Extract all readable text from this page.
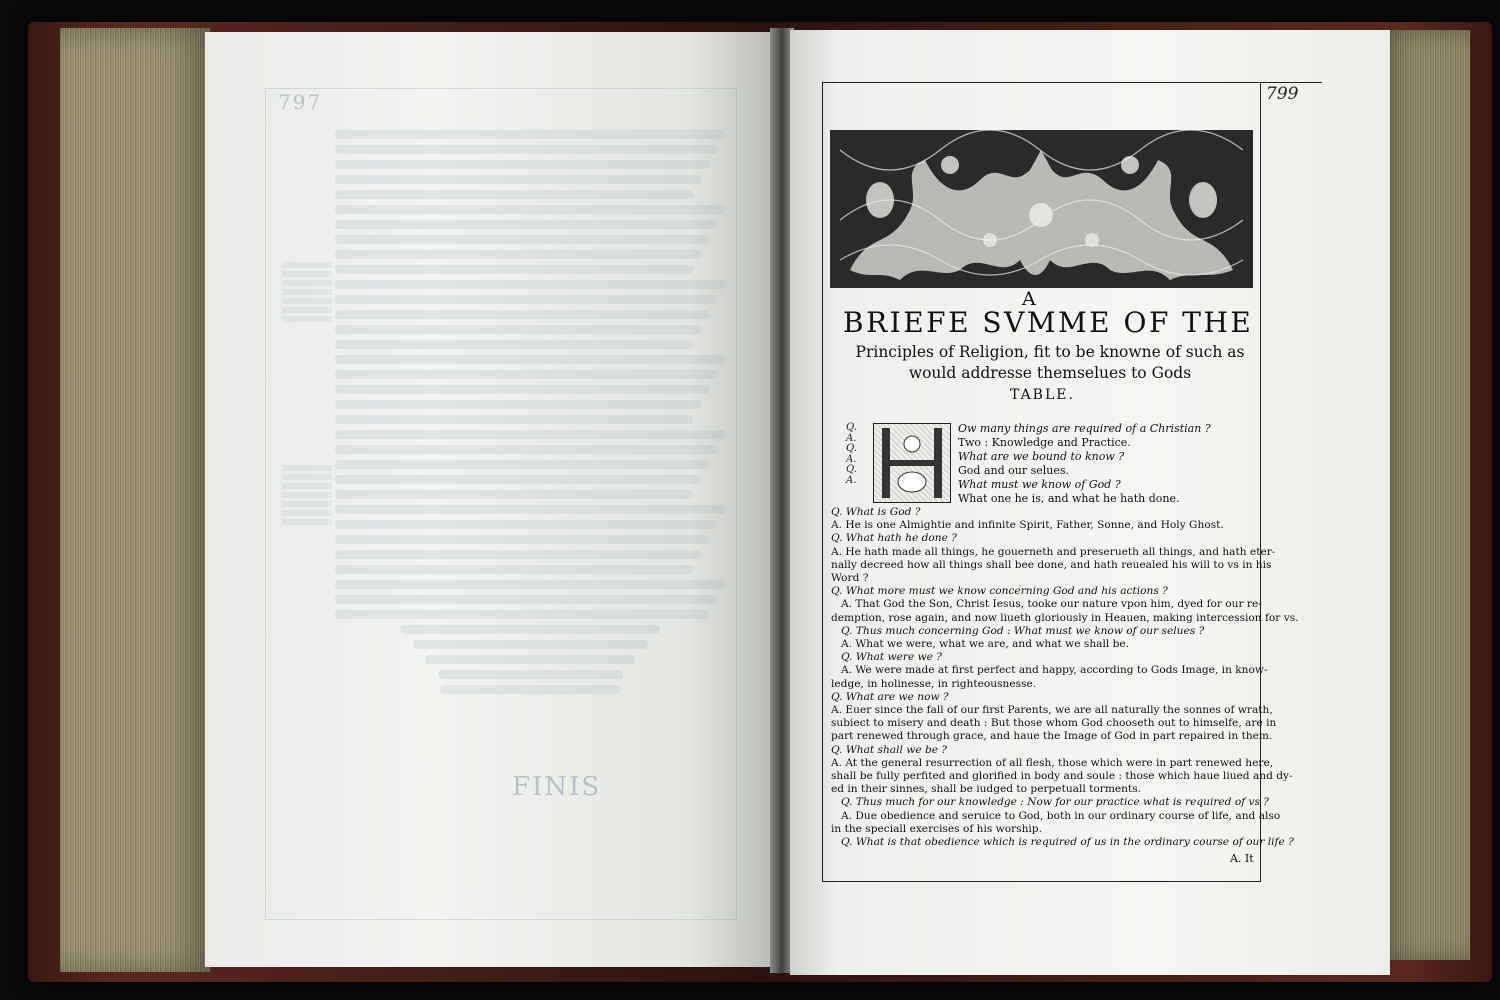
797
FINIS
799
A
BRIEFE SVMME OF THE
Principles of Religion, fit to be knowne of such as
would addresse themselues to Gods
TABLE.
Q. A. Q. A. Q. A.
Ow many things are required of a Christian ?
Two : Knowledge and Practice.
What are we bound to know ?
God and our selues.
What must we know of God ?
What one he is, and what he hath done.
Q. What is God ?
A. He is one Almightie and infinite Spirit, Father, Sonne, and Holy Ghost.
Q. What hath he done ?
A. He hath made all things, he gouerneth and preserueth all things, and hath eter-
nally decreed how all things shall bee done, and hath reuealed his will to vs in his
Word ?
Q. What more must we know concerning God and his actions ?
A. That God the Son, Christ Iesus, tooke our nature vpon him, dyed for our re-
demption, rose again, and now liueth gloriously in Heauen, making intercession for vs.
Q. Thus much concerning God : What must we know of our selues ?
A. What we were, what we are, and what we shall be.
Q. What were we ?
A. We were made at first perfect and happy, according to Gods Image, in know-
ledge, in holinesse, in righteousnesse.
Q. What are we now ?
A. Euer since the fall of our first Parents, we are all naturally the sonnes of wrath,
subiect to misery and death : But those whom God chooseth out to himselfe, are in
part renewed through grace, and haue the Image of God in part repaired in them.
Q. What shall we be ?
A. At the general resurrection of all flesh, those which were in part renewed here,
shall be fully perfited and glorified in body and soule : those which haue liued and dy-
ed in their sinnes, shall be iudged to perpetuall torments.
Q. Thus much for our knowledge : Now for our practice what is required of vs ?
A. Due obedience and seruice to God, both in our ordinary course of life, and also
in the speciall exercises of his worship.
Q. What is that obedience which is required of us in the ordinary course of our life ?
A. It
